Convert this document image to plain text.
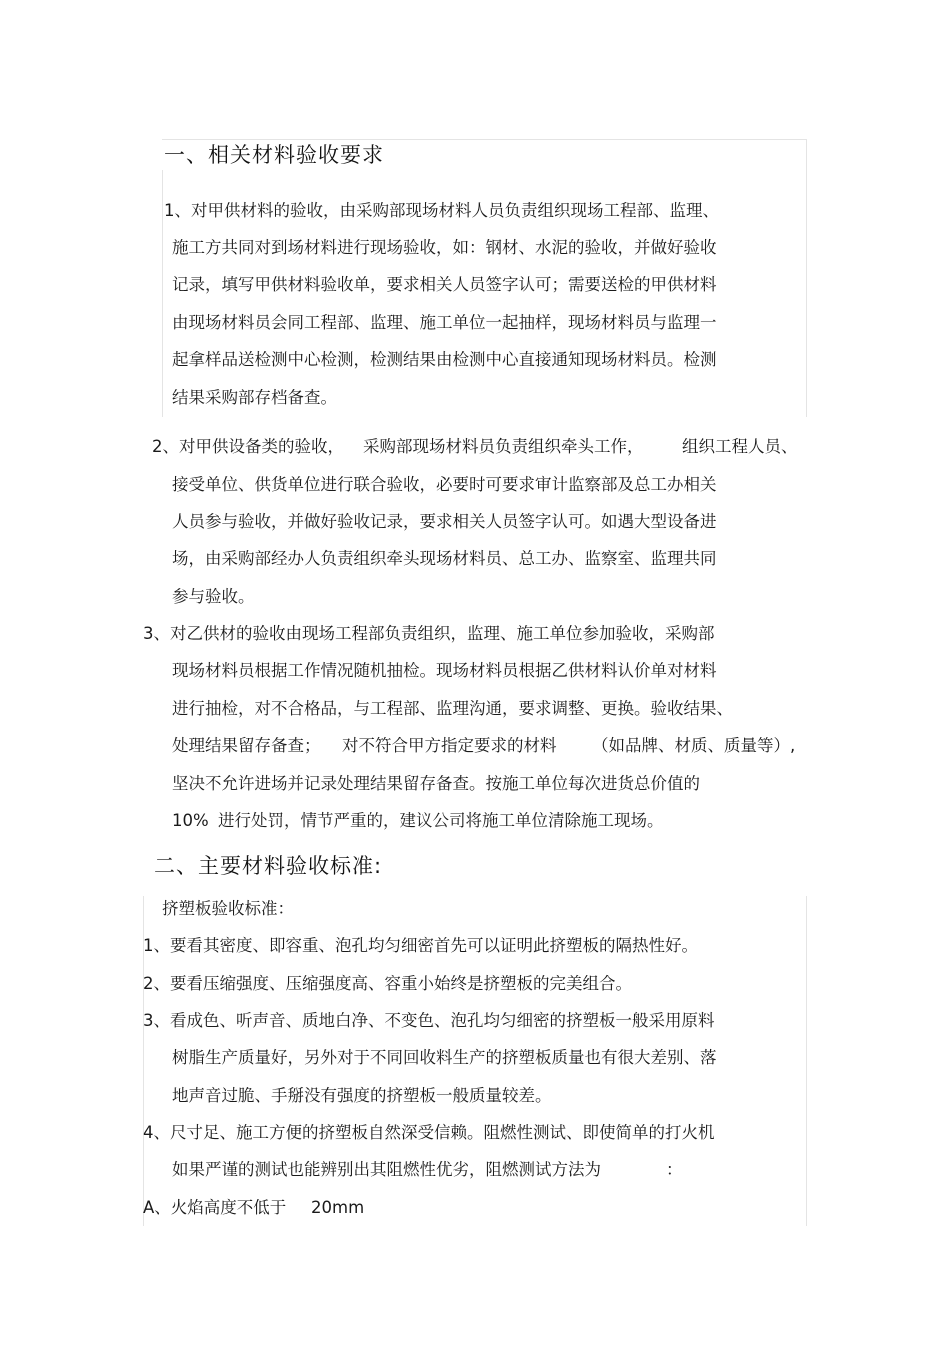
一、相关材料验收要求
1、对甲供材料的验收，由采购部现场材料人员负责组织现场工程部、监理、
施工方共同对到场材料进行现场验收，如：钢材、水泥的验收，并做好验收
记录，填写甲供材料验收单，要求相关人员签字认可；需要送检的甲供材料
由现场材料员会同工程部、监理、施工单位一起抽样，现场材料员与监理一
起拿样品送检测中心检测，检测结果由检测中心直接通知现场材料员。检测
结果采购部存档备查。
2、对甲供设备类的验收， 采购部现场材料员负责组织牵头工作， 组织工程人员、
接受单位、供货单位进行联合验收，必要时可要求审计监察部及总工办相关
人员参与验收，并做好验收记录，要求相关人员签字认可。如遇大型设备进
场，由采购部经办人负责组织牵头现场材料员、总工办、监察室、监理共同
参与验收。
3、对乙供材的验收由现场工程部负责组织，监理、施工单位参加验收，采购部
现场材料员根据工作情况随机抽检。现场材料员根据乙供材料认价单对材料
进行抽检，对不合格品，与工程部、监理沟通，要求调整、更换。验收结果、
处理结果留存备查； 对不符合甲方指定要求的材料 （如品牌、材质、质量等）,
坚决不允许进场并记录处理结果留存备查。按施工单位每次进货总价值的
10% 进行处罚，情节严重的，建议公司将施工单位清除施工现场。
二、主要材料验收标准:
挤塑板验收标准：
1、要看其密度、即容重、泡孔均匀细密首先可以证明此挤塑板的隔热性好。
2、要看压缩强度、压缩强度高、容重小始终是挤塑板的完美组合。
3、看成色、听声音、质地白净、不变色、泡孔均匀细密的挤塑板一般采用原料
树脂生产质量好，另外对于不同回收料生产的挤塑板质量也有很大差别、落
地声音过脆、手掰没有强度的挤塑板一般质量较差。
4、尺寸足、施工方便的挤塑板自然深受信赖。阻燃性测试、即使简单的打火机
如果严谨的测试也能辨别出其阻燃性优劣，阻燃测试方法为	：
A、火焰高度不低于 20mm
